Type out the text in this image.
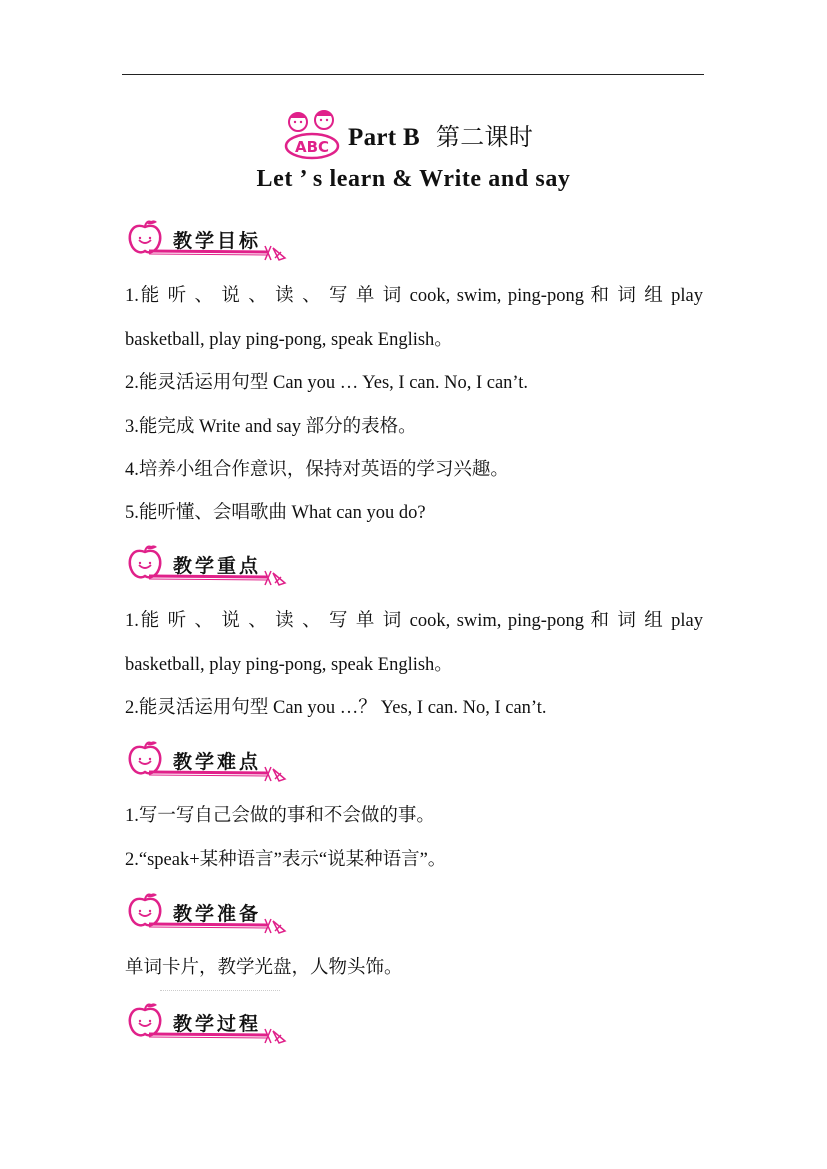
ABC Part B 第二课时
Let ’ s learn & Write and say
教学目标
1.能 听 、 说 、 读 、 写 单 词 cook, swim, ping-pong 和 词 组 play
basketball, play ping-pong, speak English。
2.能灵活运用句型 Can you … Yes, I can. No, I can’t.
3.能完成 Write and say 部分的表格。
4.培养小组合作意识，保持对英语的学习兴趣。
5.能听懂、会唱歌曲 What can you do?
教学重点
1.能 听 、 说 、 读 、 写 单 词 cook, swim, ping-pong 和 词 组 play
basketball, play ping-pong, speak English。
2.能灵活运用句型 Can you …？ Yes, I can. No, I can’t.
教学难点
1.写一写自己会做的事和不会做的事。
2.“speak+某种语言”表示“说某种语言”。
教学准备
单词卡片，教学光盘，人物头饰。
教学过程
